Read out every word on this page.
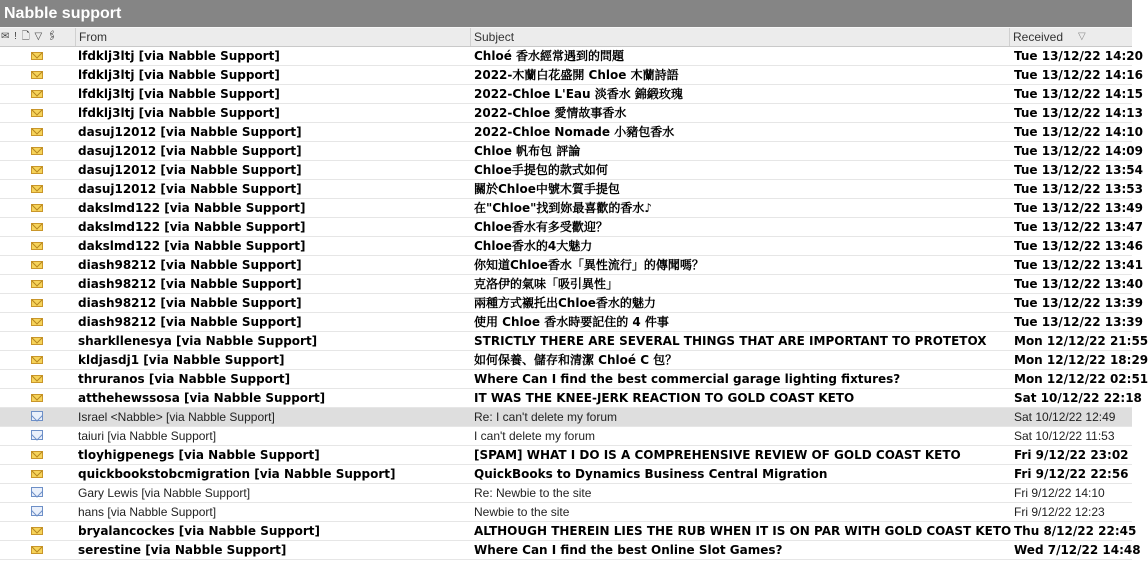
Nabble support
✉ ! 🗋 ▽ 🖇	From	Subject	Received ▽
lfdklj3ltj [via Nabble Support]	Chloé 香水經常遇到的問題	Tue 13/12/22 14:20
lfdklj3ltj [via Nabble Support]	2022-木蘭白花盛開 Chloe 木蘭詩語	Tue 13/12/22 14:16
lfdklj3ltj [via Nabble Support]	2022-Chloe L'Eau 淡香水 錦緞玫瑰	Tue 13/12/22 14:15
lfdklj3ltj [via Nabble Support]	2022-Chloe 愛情故事香水	Tue 13/12/22 14:13
dasuj12012 [via Nabble Support]	2022-Chloe Nomade 小豬包香水	Tue 13/12/22 14:10
dasuj12012 [via Nabble Support]	Chloe 帆布包 評論	Tue 13/12/22 14:09
dasuj12012 [via Nabble Support]	Chloe手提包的款式如何	Tue 13/12/22 13:54
dasuj12012 [via Nabble Support]	關於Chloe中號木質手提包	Tue 13/12/22 13:53
dakslmd122 [via Nabble Support]	在"Chloe"找到妳最喜歡的香水♪	Tue 13/12/22 13:49
dakslmd122 [via Nabble Support]	Chloe香水有多受歡迎？	Tue 13/12/22 13:47
dakslmd122 [via Nabble Support]	Chloe香水的4大魅力	Tue 13/12/22 13:46
diash98212 [via Nabble Support]	你知道Chloe香水「異性流行」的傳聞嗎？	Tue 13/12/22 13:41
diash98212 [via Nabble Support]	克洛伊的氣味「吸引異性」	Tue 13/12/22 13:40
diash98212 [via Nabble Support]	兩種方式襯托出Chloe香水的魅力	Tue 13/12/22 13:39
diash98212 [via Nabble Support]	使用 Chloe 香水時要記住的 4 件事	Tue 13/12/22 13:39
sharkllenesya [via Nabble Support]	STRICTLY THERE ARE SEVERAL THINGS THAT ARE IMPORTANT TO PROTETOX	Mon 12/12/22 21:55
kldjasdj1 [via Nabble Support]	如何保養、儲存和清潔 Chloé C 包？	Mon 12/12/22 18:29
thruranos [via Nabble Support]	Where Can I find the best commercial garage lighting fixtures?	Mon 12/12/22 02:51
atthehewssosa [via Nabble Support]	IT WAS THE KNEE-JERK REACTION TO GOLD COAST KETO	Sat 10/12/22 22:18
Israel <Nabble> [via Nabble Support]	Re: I can't delete my forum	Sat 10/12/22 12:49
taiuri [via Nabble Support]	I can't delete my forum	Sat 10/12/22 11:53
tloyhigpenegs [via Nabble Support]	[SPAM] WHAT I DO IS A COMPREHENSIVE REVIEW OF GOLD COAST KETO	Fri 9/12/22 23:02
quickbookstobcmigration [via Nabble Support]	QuickBooks to Dynamics Business Central Migration	Fri 9/12/22 22:56
Gary Lewis [via Nabble Support]	Re: Newbie to the site	Fri 9/12/22 14:10
hans [via Nabble Support]	Newbie to the site	Fri 9/12/22 12:23
bryalancockes [via Nabble Support]	ALTHOUGH THEREIN LIES THE RUB WHEN IT IS ON PAR WITH GOLD COAST KETO Thu 8/12/22 22:45
serestine [via Nabble Support]	Where Can I find the best Online Slot Games?	Wed 7/12/22 14:48
